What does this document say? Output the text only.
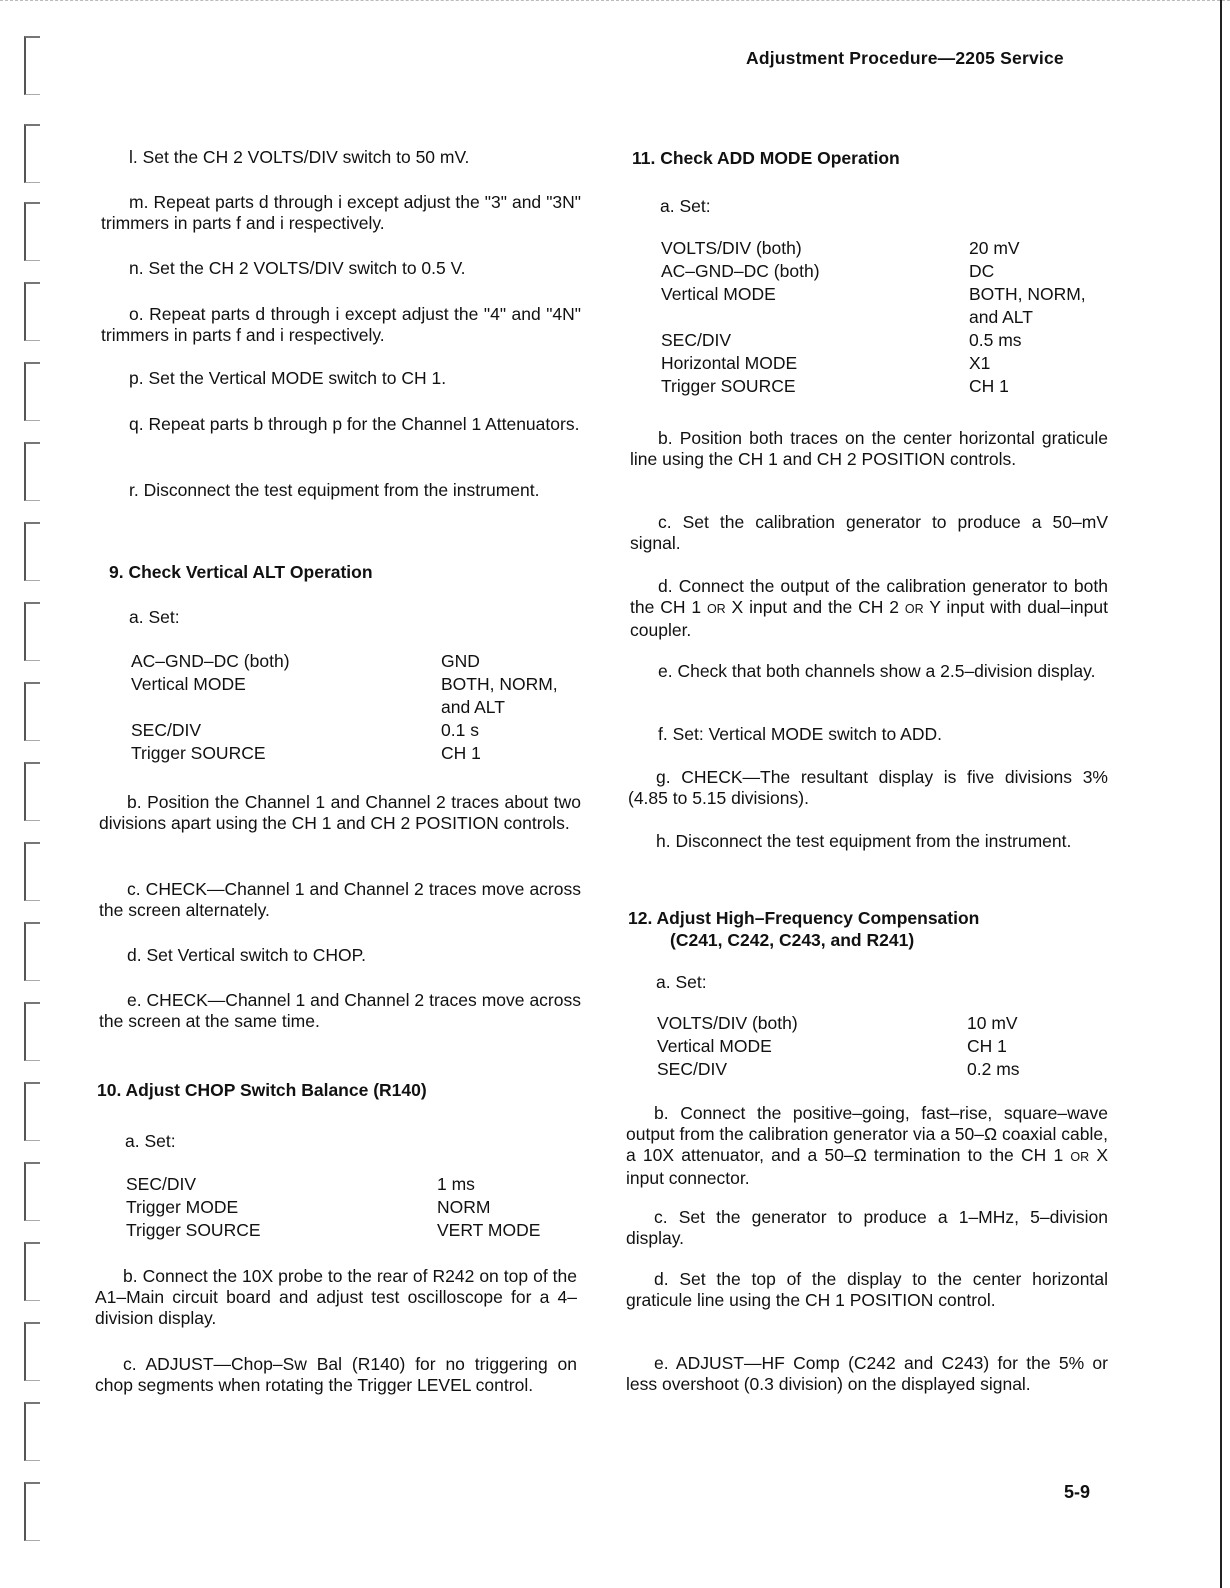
Adjustment Procedure—2205 Service

l. Set the CH 2 VOLTS/DIV switch to 50 mV.

m. Repeat parts d through i except adjust the "3" and "3N" trimmers in parts f and i respectively.

n. Set the CH 2 VOLTS/DIV switch to 0.5 V.

o. Repeat parts d through i except adjust the "4" and "4N" trimmers in parts f and i respectively.

p. Set the Vertical MODE switch to CH 1.

q. Repeat parts b through p for the Channel 1 Attenuators.

r. Disconnect the test equipment from the instrument.

9. Check Vertical ALT Operation

a. Set:

AC–GND–DC (both)	GND
Vertical MODE	BOTH, NORM,
and ALT
SEC/DIV	0.1 s
Trigger SOURCE	CH 1

b. Position the Channel 1 and Channel 2 traces about two divisions apart using the CH 1 and CH 2 POSITION controls.

c. CHECK—Channel 1 and Channel 2 traces move across the screen alternately.

d. Set Vertical switch to CHOP.

e. CHECK—Channel 1 and Channel 2 traces move across the screen at the same time.

10. Adjust CHOP Switch Balance (R140)

a. Set:

SEC/DIV	1 ms
Trigger MODE	NORM
Trigger SOURCE	VERT MODE

b. Connect the 10X probe to the rear of R242 on top of the A1–Main circuit board and adjust test oscilloscope for a 4–division display.

c. ADJUST—Chop–Sw Bal (R140) for no triggering on chop segments when rotating the Trigger LEVEL control.

11. Check ADD MODE Operation

a. Set:

VOLTS/DIV (both)	20 mV
AC–GND–DC (both)	DC
Vertical MODE	BOTH, NORM,
and ALT
SEC/DIV	0.5 ms
Horizontal MODE	X1
Trigger SOURCE	CH 1

b. Position both traces on the center horizontal graticule line using the CH 1 and CH 2 POSITION controls.

c. Set the calibration generator to produce a 50–mV signal.

d. Connect the output of the calibration generator to both the CH 1 OR X input and the CH 2 OR Y input with dual–input coupler.

e. Check that both channels show a 2.5–division display.

f. Set: Vertical MODE switch to ADD.

g. CHECK—The resultant display is five divisions 3% (4.85 to 5.15 divisions).

h. Disconnect the test equipment from the instrument.

12. Adjust High–Frequency Compensation
(C241, C242, C243, and R241)

a. Set:

VOLTS/DIV (both)	10 mV
Vertical MODE	CH 1
SEC/DIV	0.2 ms

b. Connect the positive–going, fast–rise, square–wave output from the calibration generator via a 50–Ω coaxial cable, a 10X attenuator, and a 50–Ω termination to the CH 1 OR X input connector.

c. Set the generator to produce a 1–MHz, 5–division display.

d. Set the top of the display to the center horizontal graticule line using the CH 1 POSITION control.

e. ADJUST—HF Comp (C242 and C243) for the 5% or less overshoot (0.3 division) on the displayed signal.

5-9
